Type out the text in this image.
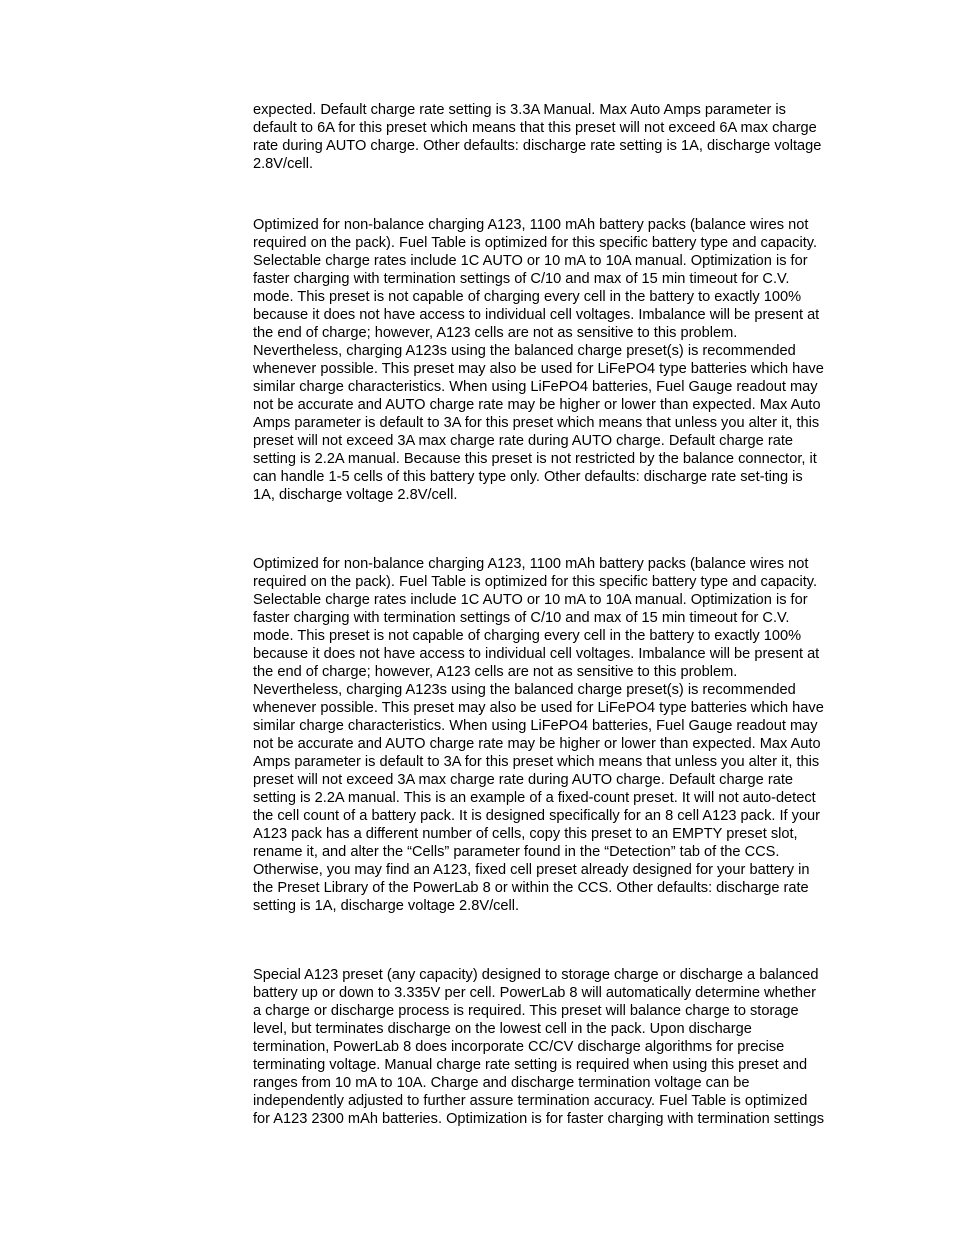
expected. Default charge rate setting is 3.3A Manual. Max Auto Amps parameter is
default to 6A for this preset which means that this preset will not exceed 6A max charge
rate during AUTO charge. Other defaults: discharge rate setting is 1A, discharge voltage
2.8V/cell.

Optimized for non-balance charging A123, 1100 mAh battery packs (balance wires not
required on the pack). Fuel Table is optimized for this specific battery type and capacity.
Selectable charge rates include 1C AUTO or 10 mA to 10A manual. Optimization is for
faster charging with termination settings of C/10 and max of 15 min timeout for C.V.
mode. This preset is not capable of charging every cell in the battery to exactly 100%
because it does not have access to individual cell voltages. Imbalance will be present at
the end of charge; however, A123 cells are not as sensitive to this problem.
Nevertheless, charging A123s using the balanced charge preset(s) is recommended
whenever possible. This preset may also be used for LiFePO4 type batteries which have
similar charge characteristics. When using LiFePO4 batteries, Fuel Gauge readout may
not be accurate and AUTO charge rate may be higher or lower than expected. Max Auto
Amps parameter is default to 3A for this preset which means that unless you alter it, this
preset will not exceed 3A max charge rate during AUTO charge. Default charge rate
setting is 2.2A manual. Because this preset is not restricted by the balance connector, it
can handle 1-5 cells of this battery type only. Other defaults: discharge rate set-ting is
1A, discharge voltage 2.8V/cell.

Optimized for non-balance charging A123, 1100 mAh battery packs (balance wires not
required on the pack). Fuel Table is optimized for this specific battery type and capacity.
Selectable charge rates include 1C AUTO or 10 mA to 10A manual. Optimization is for
faster charging with termination settings of C/10 and max of 15 min timeout for C.V.
mode. This preset is not capable of charging every cell in the battery to exactly 100%
because it does not have access to individual cell voltages. Imbalance will be present at
the end of charge; however, A123 cells are not as sensitive to this problem.
Nevertheless, charging A123s using the balanced charge preset(s) is recommended
whenever possible. This preset may also be used for LiFePO4 type batteries which have
similar charge characteristics. When using LiFePO4 batteries, Fuel Gauge readout may
not be accurate and AUTO charge rate may be higher or lower than expected. Max Auto
Amps parameter is default to 3A for this preset which means that unless you alter it, this
preset will not exceed 3A max charge rate during AUTO charge. Default charge rate
setting is 2.2A manual. This is an example of a fixed-count preset. It will not auto-detect
the cell count of a battery pack. It is designed specifically for an 8 cell A123 pack. If your
A123 pack has a different number of cells, copy this preset to an EMPTY preset slot,
rename it, and alter the “Cells” parameter found in the “Detection” tab of the CCS.
Otherwise, you may find an A123, fixed cell preset already designed for your battery in
the Preset Library of the PowerLab 8 or within the CCS. Other defaults: discharge rate
setting is 1A, discharge voltage 2.8V/cell.

Special A123 preset (any capacity) designed to storage charge or discharge a balanced
battery up or down to 3.335V per cell. PowerLab 8 will automatically determine whether
a charge or discharge process is required. This preset will balance charge to storage
level, but terminates discharge on the lowest cell in the pack. Upon discharge
termination, PowerLab 8 does incorporate CC/CV discharge algorithms for precise
terminating voltage. Manual charge rate setting is required when using this preset and
ranges from 10 mA to 10A. Charge and discharge termination voltage can be
independently adjusted to further assure termination accuracy. Fuel Table is optimized
for A123 2300 mAh batteries. Optimization is for faster charging with termination settings
